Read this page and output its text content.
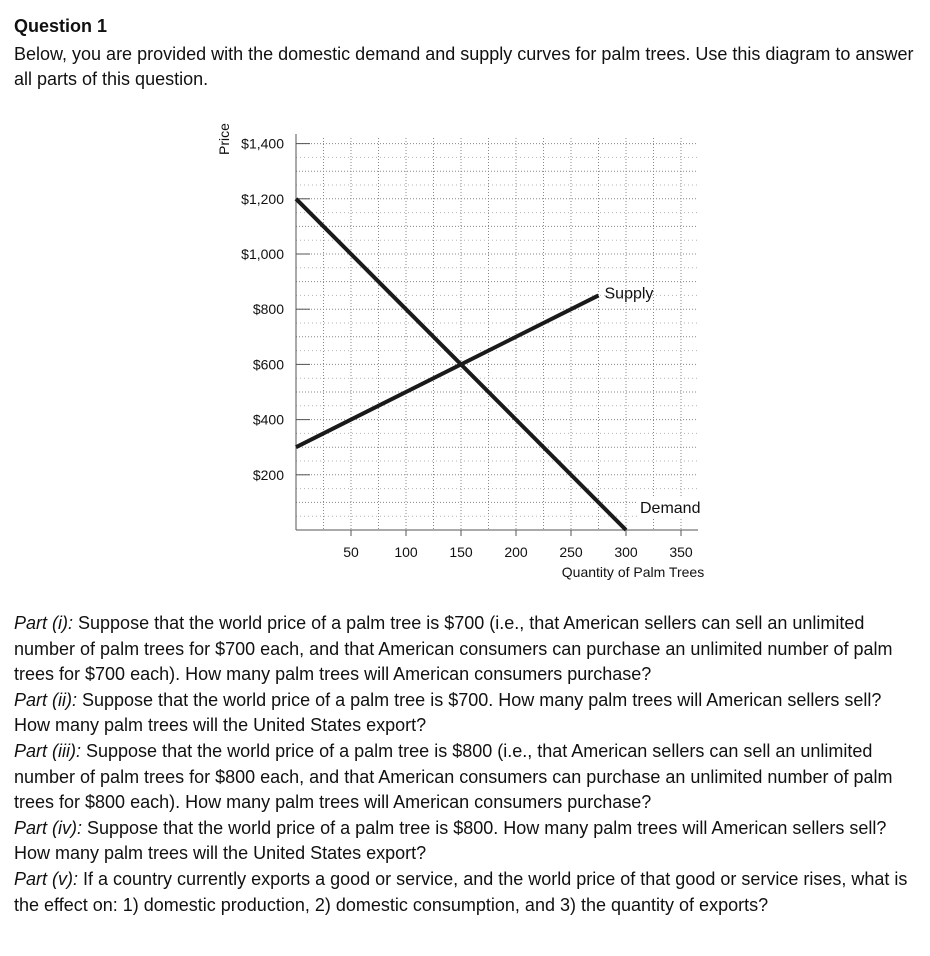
Question 1
Below, you are provided with the domestic demand and supply curves for palm trees. Use this diagram to answer all parts of this question.
50	100 150 200 250 300 350
$200
$400
$600
$800
$1,000
$1,200
$1,400
Supply
Demand
Price
Quantity of Palm Trees

Part (i): Suppose that the world price of a palm tree is $700 (i.e., that American sellers can sell an unlimited number of palm trees for $700 each, and that American consumers can purchase an unlimited number of palm trees for $700 each). How many palm trees will American consumers purchase?

Part (ii): Suppose that the world price of a palm tree is $700. How many palm trees will American sellers sell? How many palm trees will the United States export?

Part (iii): Suppose that the world price of a palm tree is $800 (i.e., that American sellers can sell an unlimited number of palm trees for $800 each, and that American consumers can purchase an unlimited number of palm trees for $800 each). How many palm trees will American consumers purchase?

Part (iv): Suppose that the world price of a palm tree is $800. How many palm trees will American sellers sell? How many palm trees will the United States export?

Part (v): If a country currently exports a good or service, and the world price of that good or service rises, what is the effect on: 1) domestic production, 2) domestic consumption, and 3) the quantity of exports?
